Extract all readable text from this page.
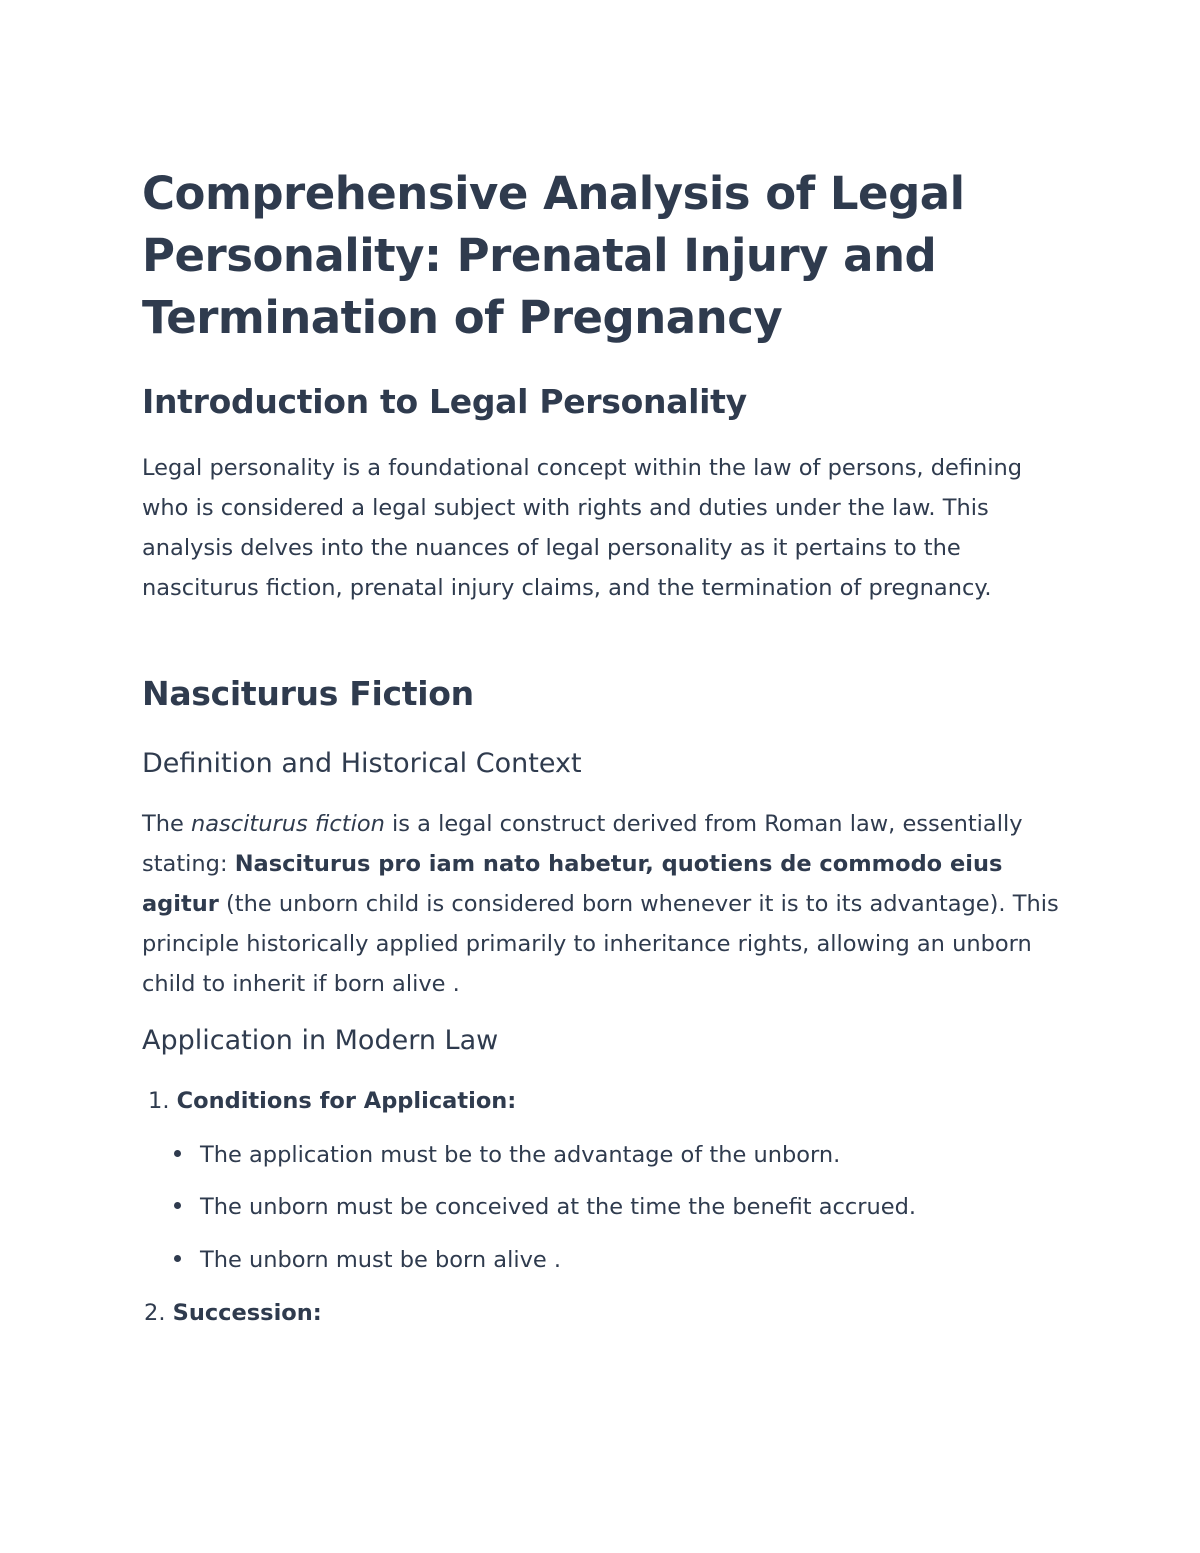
Comprehensive Analysis of Legal Personality: Prenatal Injury and Termination of Pregnancy
Introduction to Legal Personality

Legal personality is a foundational concept within the law of persons, defining who is considered a legal subject with rights and duties under the law. This analysis delves into the nuances of legal personality as it pertains to the nasciturus fiction, prenatal injury claims, and the termination of pregnancy.

Nasciturus Fiction
Definition and Historical Context

The nasciturus fiction is a legal construct derived from Roman law, essentially stating: Nasciturus pro iam nato habetur, quotiens de commodo eius agitur (the unborn child is considered born whenever it is to its advantage). This principle historically applied primarily to inheritance rights, allowing an unborn child to inherit if born alive .

Application in Modern Law
1. Conditions for Application:
The application must be to the advantage of the unborn.
The unborn must be conceived at the time the benefit accrued.
The unborn must be born alive .
2. Succession:
